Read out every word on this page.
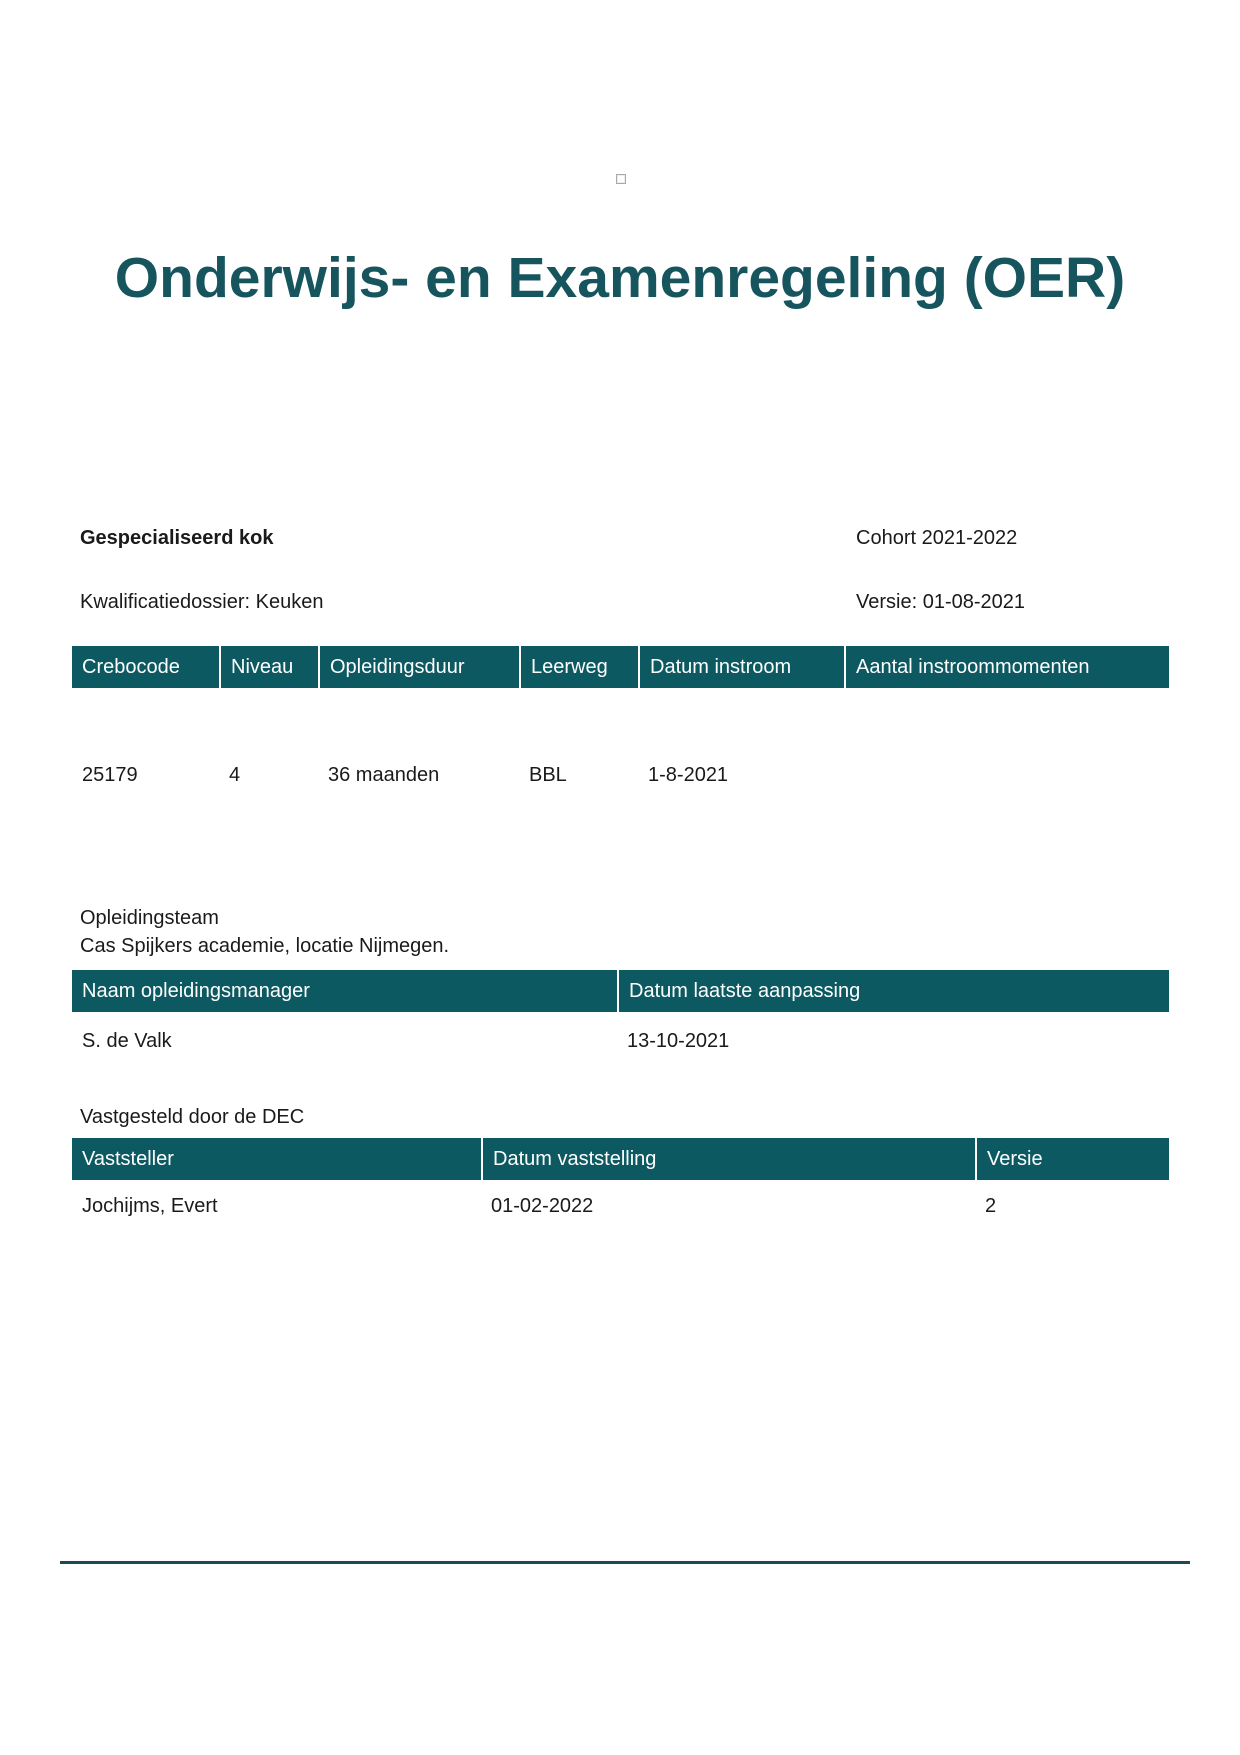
Onderwijs- en Examenregeling (OER)
Gespecialiseerd kok	Cohort 2021-2022
Kwalificatiedossier: Keuken	Versie: 01-08-2021
Crebocode	Niveau	Opleidingsduur	Leerweg	Datum instroom	Aantal instroommomenten
25179	4	36 maanden	BBL	1-8-2021
Opleidingsteam
Cas Spijkers academie, locatie Nijmegen.
Naam opleidingsmanager	Datum laatste aanpassing
S. de Valk	13-10-2021
Vastgesteld door de DEC
Vaststeller	Datum vaststelling	Versie
Jochijms, Evert	01-02-2022	2
